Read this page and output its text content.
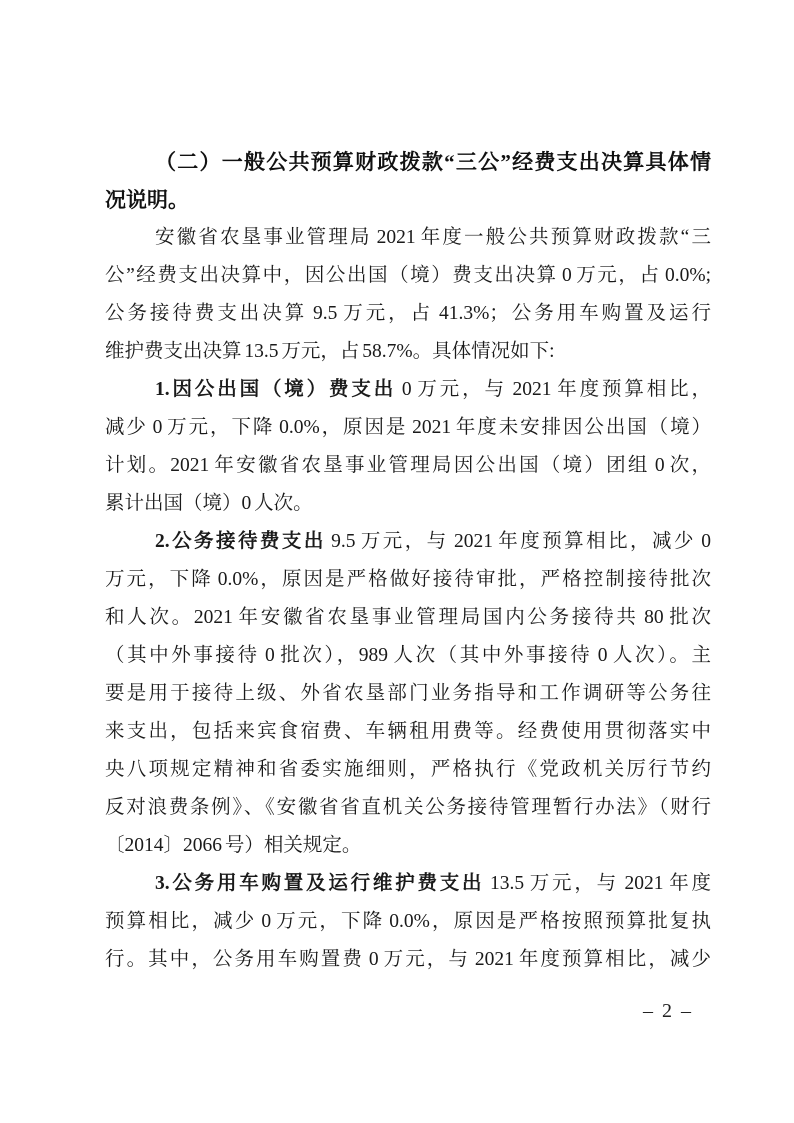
（二）一般公共预算财政拨款“三公”经费支出决算具体情
况说明。
安徽省农垦事业管理局 2021 年度一般公共预算财政拨款“三
公”经费支出决算中，因公出国（境）费支出决算 0 万元，占 0.0%;
公务接待费支出决算 9.5 万元，占 41.3%；公务用车购置及运行
维护费支出决算 13.5 万元，占 58.7%。具体情况如下:
1.因公出国（境）费支出 0 万元，与 2021 年度预算相比，
减少 0 万元，下降 0.0%，原因是 2021 年度未安排因公出国（境）
计划。2021 年安徽省农垦事业管理局因公出国（境）团组 0 次，
累计出国（境）0 人次。
2.公务接待费支出 9.5 万元，与 2021 年度预算相比，减少 0
万元，下降 0.0%，原因是严格做好接待审批，严格控制接待批次
和人次。2021 年安徽省农垦事业管理局国内公务接待共 80 批次
（其中外事接待 0 批次），989 人次（其中外事接待 0 人次）。主
要是用于接待上级、外省农垦部门业务指导和工作调研等公务往
来支出，包括来宾食宿费、车辆租用费等。经费使用贯彻落实中
央八项规定精神和省委实施细则，严格执行《党政机关厉行节约
反对浪费条例》、《安徽省省直机关公务接待管理暂行办法》（财行
〔2014〕2066 号）相关规定。
3.公务用车购置及运行维护费支出 13.5 万元，与 2021 年度
预算相比，减少 0 万元，下降 0.0%，原因是严格按照预算批复执
行。其中，公务用车购置费 0 万元，与 2021 年度预算相比，减少
– 2 –
